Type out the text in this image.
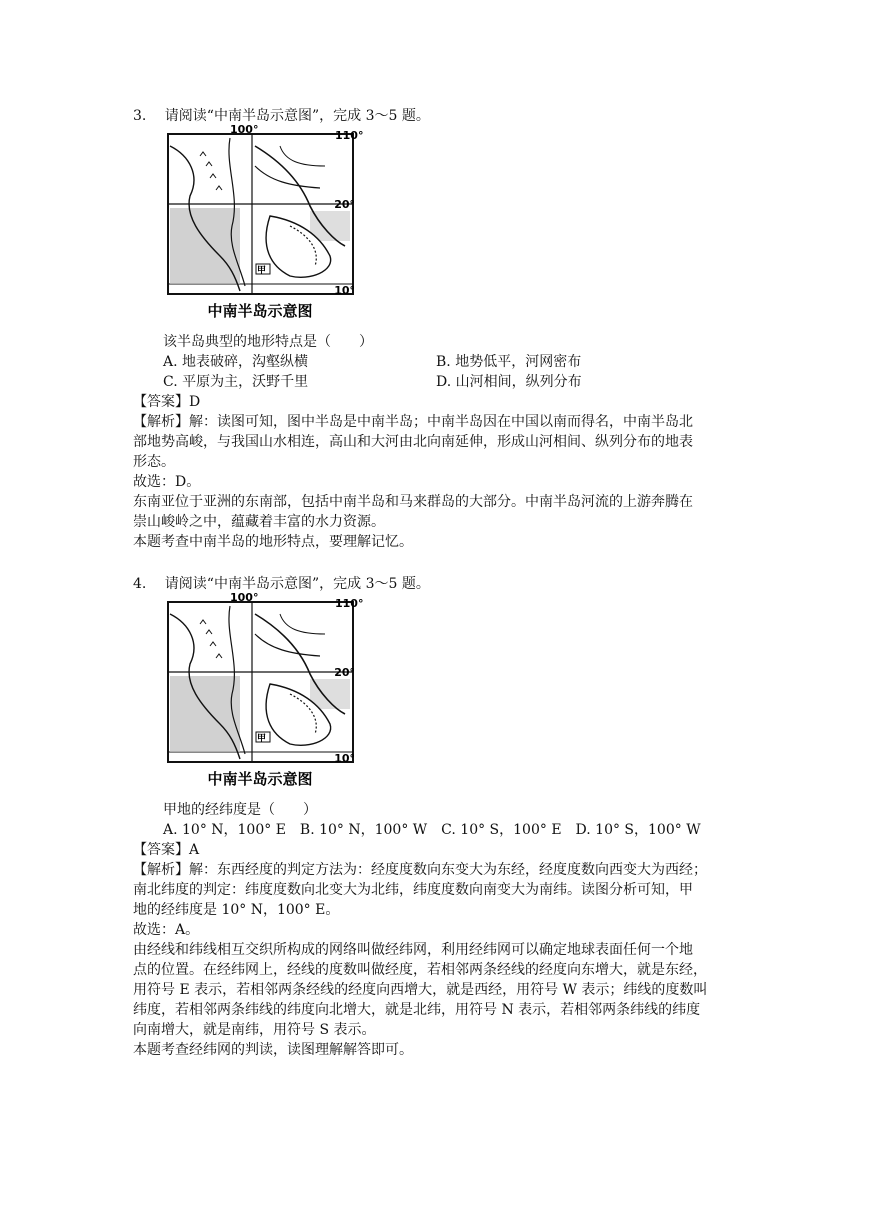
3.　 请阅读“中南半岛示意图”，完成 3～5 题。
100°	110°
20°
10°
甲
中南半岛示意图
该半岛典型的地形特点是（　　）
A. 地表破碎，沟壑纵横	B. 地势低平，河网密布
C. 平原为主，沃野千里	D. 山河相间，纵列分布
【答案】D
【解析】解：读图可知，图中半岛是中南半岛；中南半岛因在中国以南而得名，中南半岛北
部地势高峻，与我国山水相连，高山和大河由北向南延伸，形成山河相间、纵列分布的地表
形态。
故选：D。
东南亚位于亚洲的东南部，包括中南半岛和马来群岛的大部分。中南半岛河流的上游奔腾在
崇山峻岭之中，蕴藏着丰富的水力资源。
本题考查中南半岛的地形特点，要理解记忆。
4.　 请阅读“中南半岛示意图”，完成 3～5 题。
100°	110°
20°
10°
甲
中南半岛示意图
甲地的经纬度是（　　）
A. 10° N，100° E　B. 10° N，100° W　C. 10° S，100° E　D. 10° S，100° W
【答案】A
【解析】解：东西经度的判定方法为：经度度数向东变大为东经，经度度数向西变大为西经；
南北纬度的判定：纬度度数向北变大为北纬，纬度度数向南变大为南纬。读图分析可知，甲
地的经纬度是 10° N，100° E。
故选：A。
由经线和纬线相互交织所构成的网络叫做经纬网，利用经纬网可以确定地球表面任何一个地
点的位置。在经纬网上，经线的度数叫做经度，若相邻两条经线的经度向东增大，就是东经，
用符号 E 表示，若相邻两条经线的经度向西增大，就是西经，用符号 W 表示；纬线的度数叫
纬度，若相邻两条纬线的纬度向北增大，就是北纬，用符号 N 表示，若相邻两条纬线的纬度
向南增大，就是南纬，用符号 S 表示。
本题考查经纬网的判读，读图理解解答即可。
